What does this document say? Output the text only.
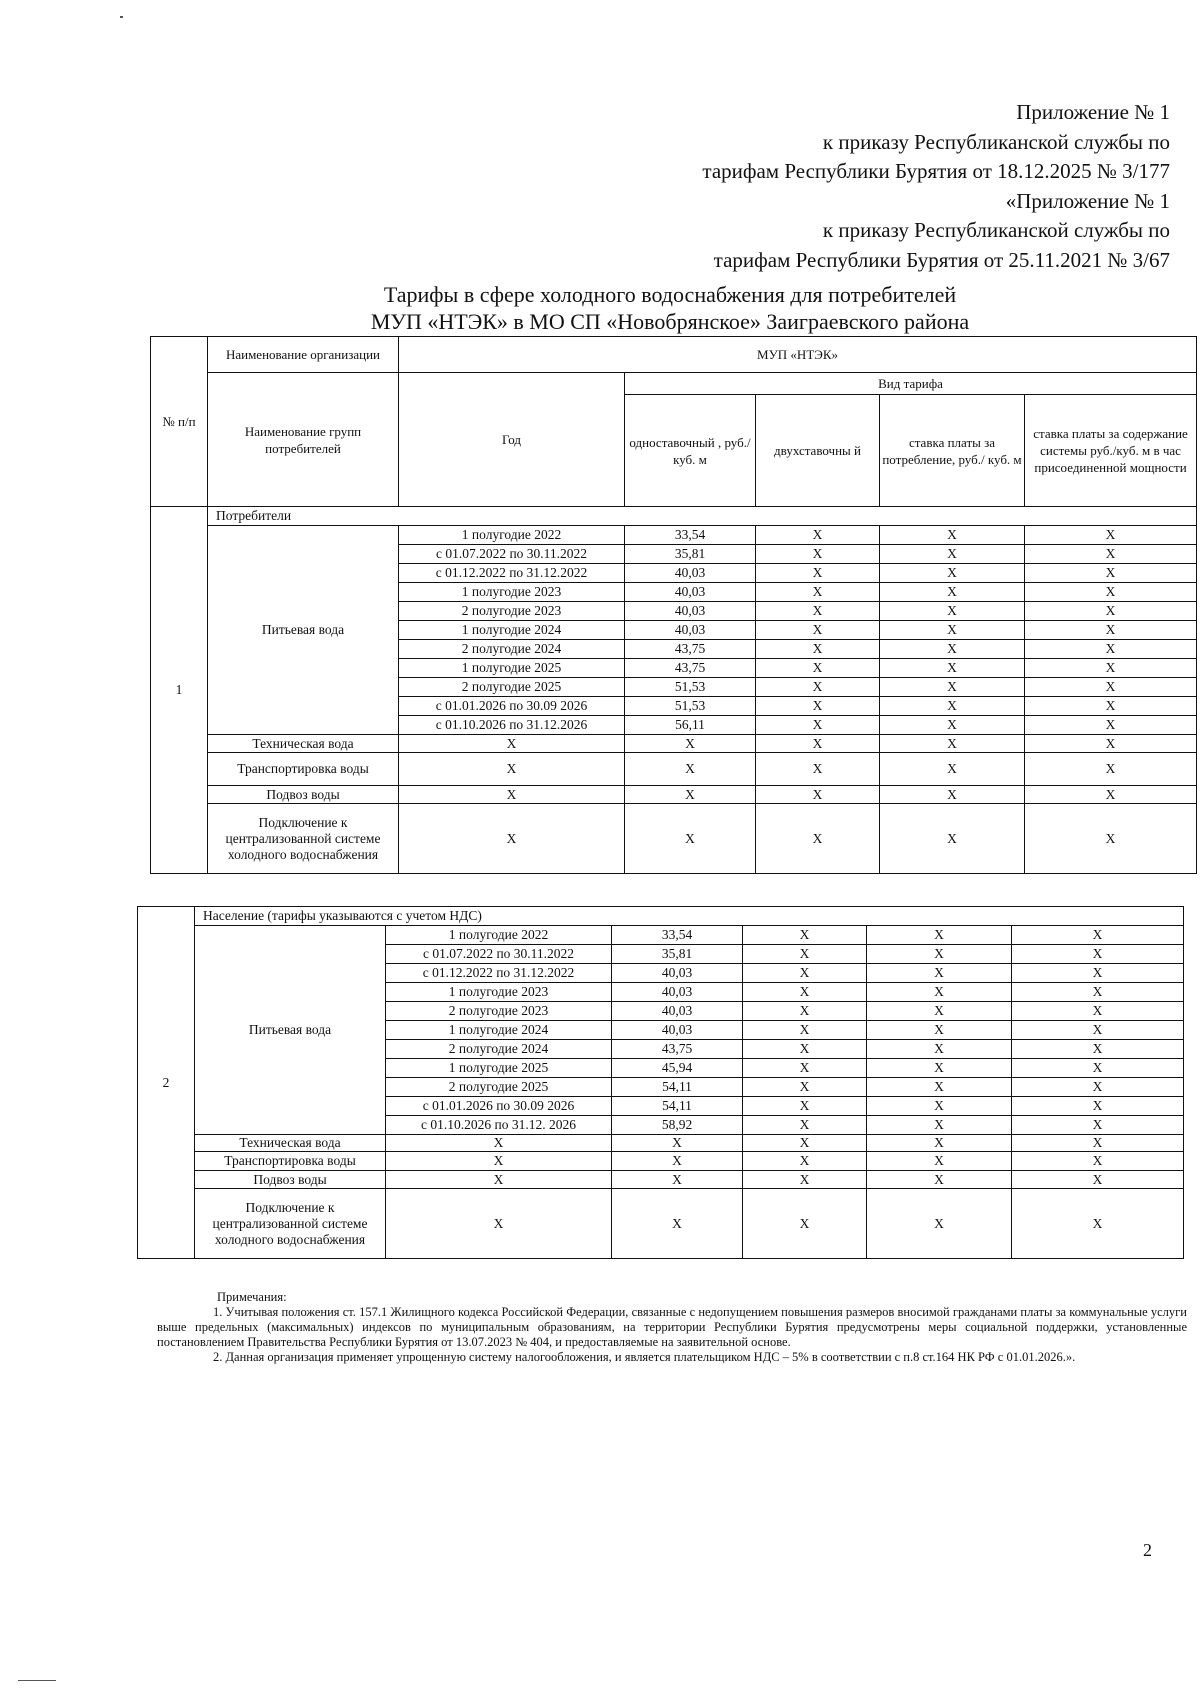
Приложение № 1
к приказу Республиканской службы по
тарифам Республики Бурятия от 18.12.2025 № 3/177
«Приложение № 1
к приказу Республиканской службы по
тарифам Республики Бурятия от 25.11.2021 № 3/67
Тарифы в сфере холодного водоснабжения для потребителей
МУП «НТЭК» в МО СП «Новобрянское» Заиграевского района
№ п/п	Наименование организации	МУП «НТЭК»				
	Наименование групп потребителей	Год	Вид тарифа			
			одноставочный , руб./ куб. м	двухставочны й	ставка платы за потребление, руб./ куб. м	ставка платы за содержание системы руб./куб. м в час присоединенной мощности
1	Потребители					
	Питьевая вода	1 полугодие 2022	33,54	Х	Х	Х
		с 01.07.2022 по 30.11.2022	35,81	Х	Х	Х
		с 01.12.2022 по 31.12.2022	40,03	Х	Х	Х
		1 полугодие 2023	40,03	Х	Х	Х
		2 полугодие 2023	40,03	Х	Х	Х
		1 полугодие 2024	40,03	Х	Х	Х
		2 полугодие 2024	43,75	Х	Х	Х
		1 полугодие 2025	43,75	Х	Х	Х
		2 полугодие 2025	51,53	Х	Х	Х
		с 01.01.2026 по 30.09 2026	51,53	Х	Х	Х
		с 01.10.2026 по 31.12.2026	56,11	Х	Х	Х
	Техническая вода	Х	Х	Х	Х	Х
	Транспортировка воды	Х	Х	Х	Х	Х
	Подвоз воды	Х	Х	Х	Х	Х
	Подключение к централизованной системе холодного водоснабжения	Х	Х	Х	Х	Х
2	Население (тарифы указываются с учетом НДС)					
	Питьевая вода	1 полугодие 2022	33,54	Х	Х	Х
		с 01.07.2022 по 30.11.2022	35,81	Х	Х	Х
		с 01.12.2022 по 31.12.2022	40,03	Х	Х	Х
		1 полугодие 2023	40,03	Х	Х	Х
		2 полугодие 2023	40,03	Х	Х	Х
		1 полугодие 2024	40,03	Х	Х	Х
		2 полугодие 2024	43,75	Х	Х	Х
		1 полугодие 2025	45,94	Х	Х	Х
		2 полугодие 2025	54,11	Х	Х	Х
		с 01.01.2026 по 30.09 2026	54,11	Х	Х	Х
		с 01.10.2026 по 31.12. 2026	58,92	Х	Х	Х
	Техническая вода	Х	Х	Х	Х	Х
	Транспортировка воды	Х	Х	Х	Х	Х
	Подвоз воды	Х	Х	Х	Х	Х
	Подключение к централизованной системе холодного водоснабжения	Х	Х	Х	Х	Х

Примечания:

1. Учитывая положения ст. 157.1 Жилищного кодекса Российской Федерации, связанные с недопущением повышения размеров вносимой гражданами платы за коммунальные услуги выше предельных (максимальных) индексов по муниципальным образованиям, на территории Республики Бурятия предусмотрены меры социальной поддержки, установленные постановлением Правительства Республики Бурятия от 13.07.2023 № 404, и предоставляемые на заявительной основе.

2. Данная организация применяет упрощенную систему налогообложения, и является плательщиком НДС – 5% в соответствии с п.8 ст.164 НК РФ с 01.01.2026.».

2
